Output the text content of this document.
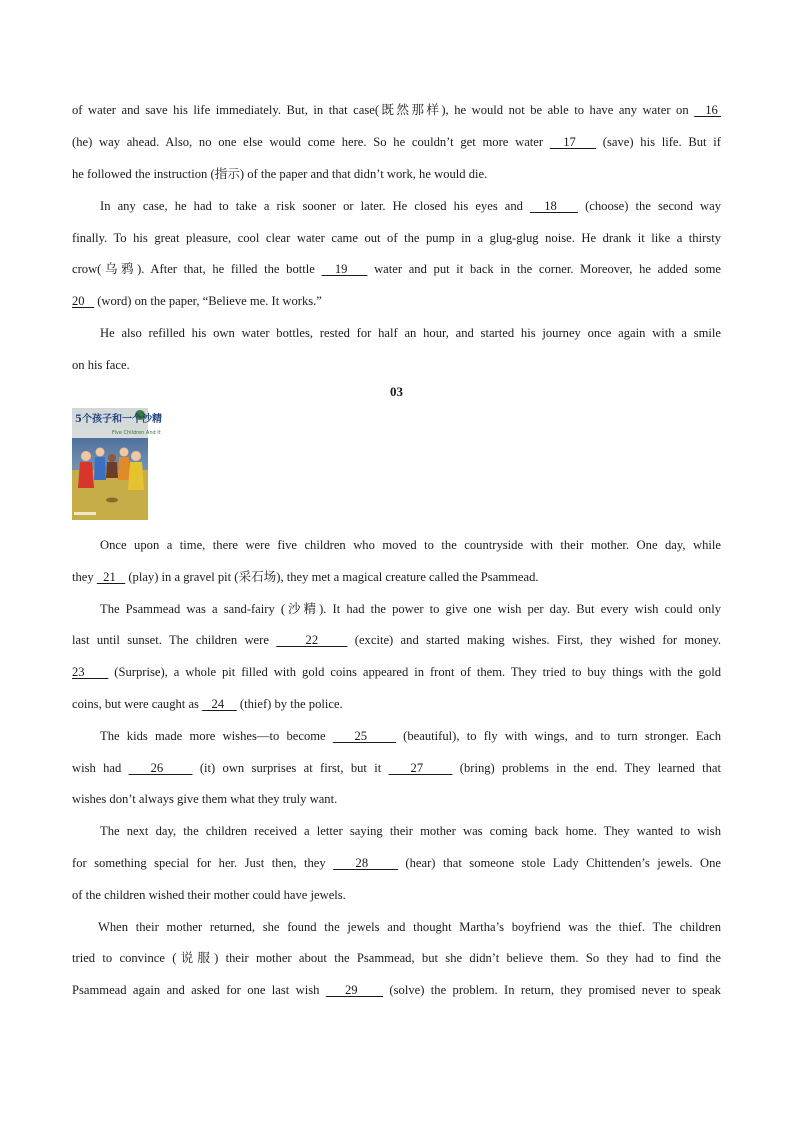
of water and save his life immediately. But, in that case(既然那样), he would not be able to have any water on   16
(he) way ahead. Also, no one else would come here. So he couldn’t get more water   17    (save) his life. But if
he followed the instruction (指示) of the paper and that didn’t work, he would die.
In any case, he had to take a risk sooner or later. He closed his eyes and   18    (choose) the second way
finally. To his great pleasure, cool clear water came out of the pump in a glug-glug noise. He drank it like a thirsty
crow(乌鸦). After that, he filled the bottle   19    water and put it back in the corner. Moreover, he added some
20    (word) on the paper, “Believe me. It works.”
He also refilled his own water bottles, rested for half an hour, and started his journey once again with a smile
on his face.
03
5个孩子和一个沙精
Five Children And It
Once upon a time, there were five children who moved to the countryside with their mother. One day, while
they   21    (play) in a gravel pit (采石场), they met a magical creature called the Psammead.
The Psammead was a sand-fairy (沙精). It had the power to give one wish per day. But every wish could only
last until sunset. The children were     22     (excite) and started making wishes. First, they wished for money.
23     (Surprise), a whole pit filled with gold coins appeared in front of them. They tried to buy things with the gold
coins, but were caught as    24     (thief) by the police.
The kids made more wishes—to become    25     (beautiful), to fly with wings, and to turn stronger. Each
wish had    26     (it) own surprises at first, but it    27     (bring) problems in the end. They learned that
wishes don’t always give them what they truly want.
The next day, the children received a letter saying their mother was coming back home. They wanted to wish
for something special for her. Just then, they    28     (hear) that someone stole Lady Chittenden’s jewels. One
of the children wished their mother could have jewels.
When their mother returned, she found the jewels and thought Martha’s boyfriend was the thief. The children
tried to convince (说服) their mother about the Psammead, but she didn’t believe them. So they had to find the
Psammead again and asked for one last wish    29     (solve) the problem. In return, they promised never to speak
